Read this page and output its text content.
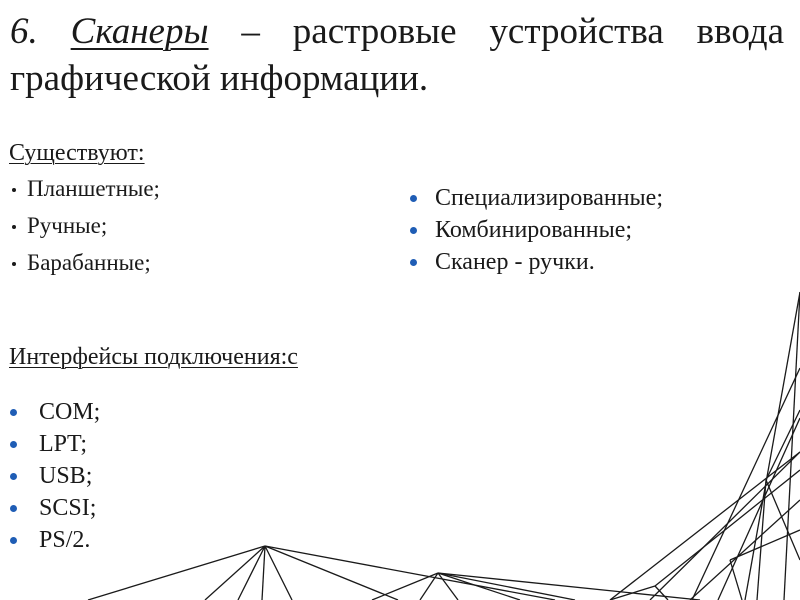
6. Сканеры – растровые устройства ввода графической информации.
Существуют:
Планшетные;
Ручные;
Барабанные;
Специализированные;
Комбинированные;
Сканер - ручки.
Интерфейсы подключения:с
COM;
LPT;
USB;
SCSI;
PS/2.
